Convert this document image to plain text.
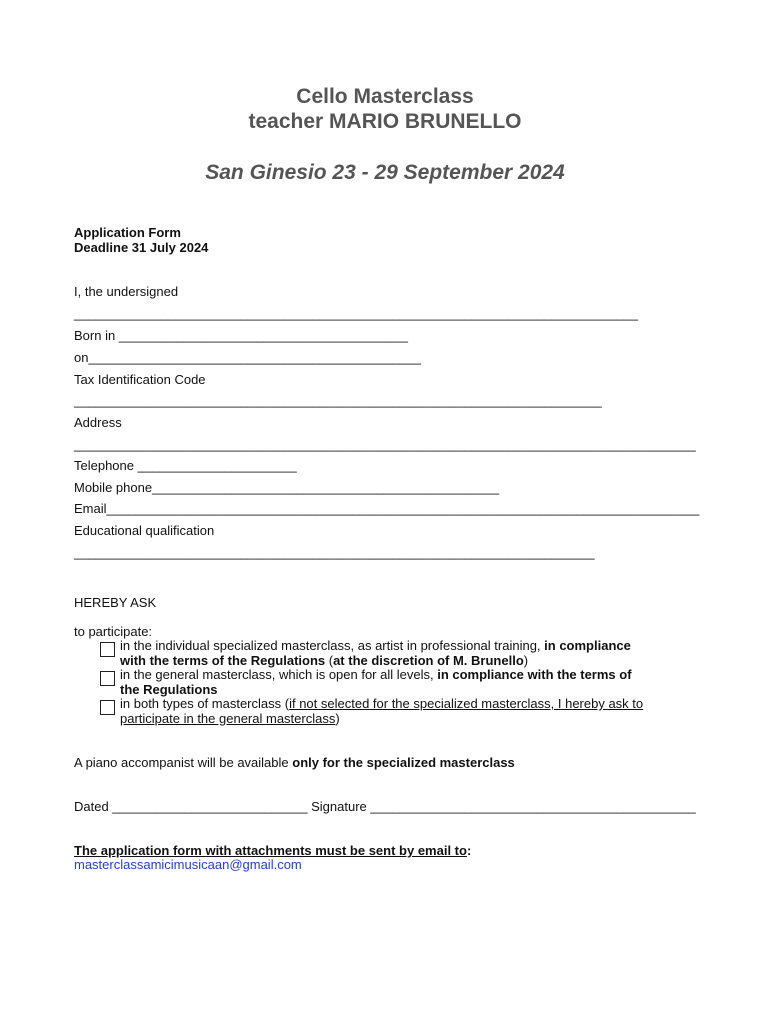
Cello Masterclass
teacher MARIO BRUNELLO
San Ginesio 23 - 29 September 2024
Application Form
Deadline 31 July 2024
I, the undersigned
______________________________________________________________________________
Born in ________________________________________
on______________________________________________
Tax Identification Code
_________________________________________________________________________
Address
______________________________________________________________________________________
Telephone ______________________
Mobile phone________________________________________________
Email__________________________________________________________________________________
Educational qualification
________________________________________________________________________
HEREBY ASK
to participate:
in the individual specialized masterclass, as artist in professional training, in compliance
with the terms of the Regulations (at the discretion of M. Brunello)
in the general masterclass, which is open for all levels, in compliance with the terms of
the Regulations
in both types of masterclass (if not selected for the specialized masterclass, I hereby ask to
participate in the general masterclass)
A piano accompanist will be available only for the specialized masterclass
Dated ___________________________ Signature _____________________________________________
The application form with attachments must be sent by email to:
masterclassamicimusicaan@gmail.com
